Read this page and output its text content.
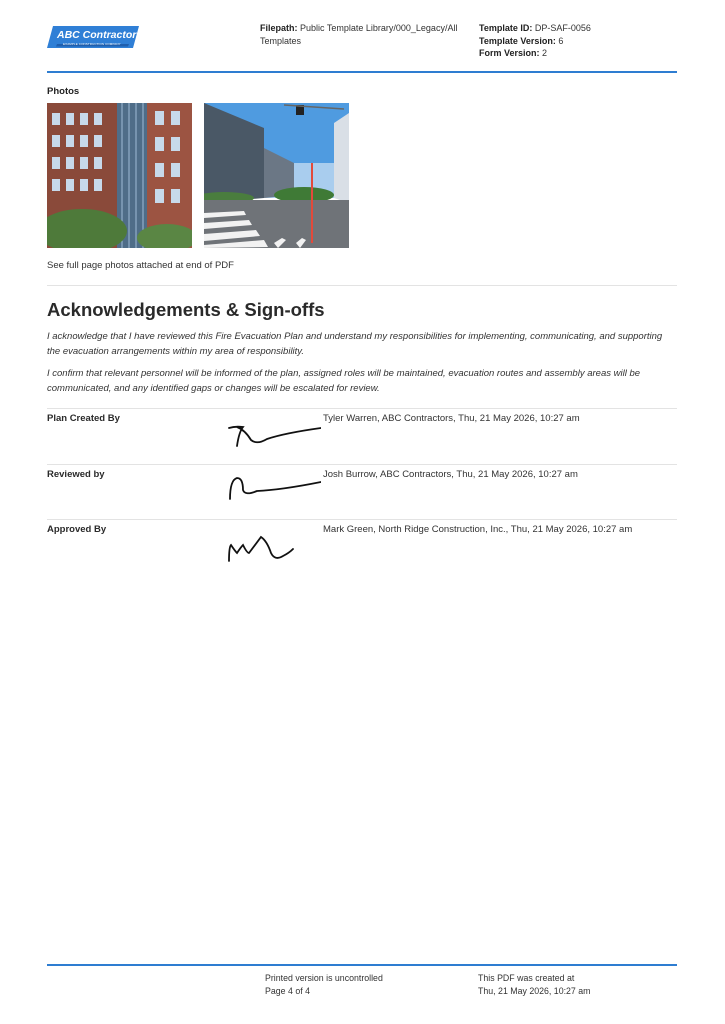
ABC Contractors
EXAMPLE CONSTRUCTION COMPANY
Filepath: Public Template Library/000_Legacy/All Templates
Template ID: DP-SAF-0056
Template Version: 6
Form Version: 2
Photos
See full page photos attached at end of PDF
Acknowledgements & Sign-offs
I acknowledge that I have reviewed this Fire Evacuation Plan and understand my responsibilities for implementing, communicating, and supporting the evacuation arrangements within my area of responsibility.
I confirm that relevant personnel will be informed of the plan, assigned roles will be maintained, evacuation routes and assembly areas will be communicated, and any identified gaps or changes will be escalated for review.
Plan Created By	Tyler Warren, ABC Contractors, Thu, 21 May 2026, 10:27 am
Reviewed by	Josh Burrow, ABC Contractors, Thu, 21 May 2026, 10:27 am
Approved By	Mark Green, North Ridge Construction, Inc., Thu, 21 May 2026, 10:27 am
Printed version is uncontrolled
Page 4 of 4
This PDF was created at
Thu, 21 May 2026, 10:27 am
